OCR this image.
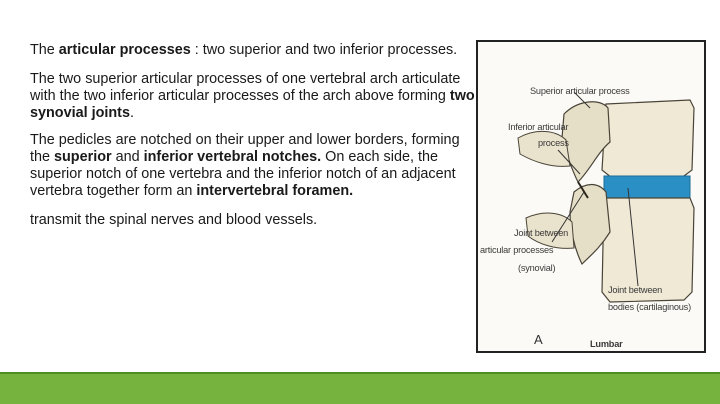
The articular processes : two superior and two inferior processes.

The two superior articular processes of one vertebral arch articulate with the two inferior articular processes of the arch above forming two synovial joints.

The pedicles are notched on their upper and lower borders, forming the superior and inferior vertebral notches. On each side, the superior notch of one vertebra and the inferior notch of an adjacent vertebra together form an intervertebral foramen.

transmit the spinal nerves and blood vessels.

Superior articular process
Inferior articular
process
Joint between
articular processes
(synovial)
Joint between
bodies (cartilaginous)
A	Lumbar
